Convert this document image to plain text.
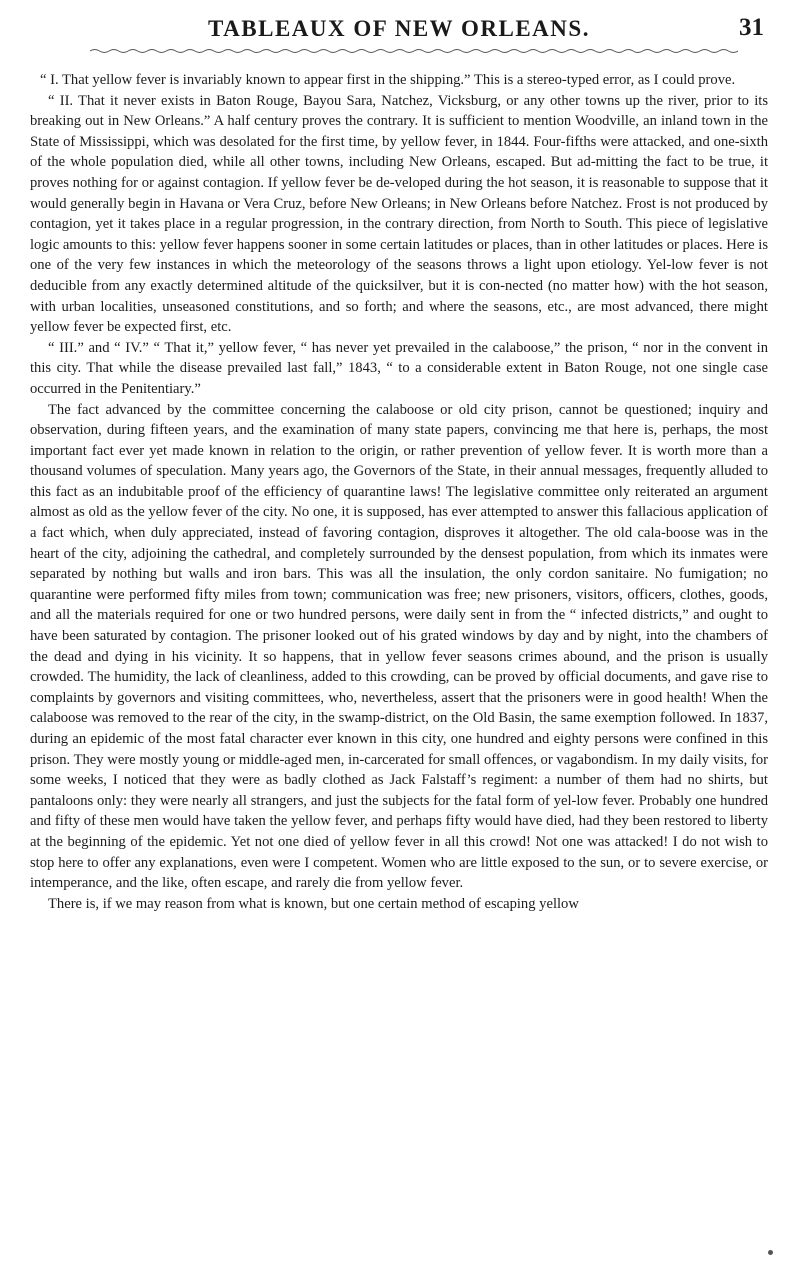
TABLEAUX OF NEW ORLEANS.	31

“ I. That yellow fever is invariably known to appear first in the shipping.” This is a stereo-typed error, as I could prove.

“ II. That it never exists in Baton Rouge, Bayou Sara, Natchez, Vicksburg, or any other towns up the river, prior to its breaking out in New Orleans.” A half century proves the contrary. It is sufficient to mention Woodville, an inland town in the State of Mississippi, which was desolated for the first time, by yellow fever, in 1844. Four-fifths were attacked, and one-sixth of the whole population died, while all other towns, including New Orleans, escaped. But ad-mitting the fact to be true, it proves nothing for or against contagion. If yellow fever be de-veloped during the hot season, it is reasonable to suppose that it would generally begin in Havana or Vera Cruz, before New Orleans; in New Orleans before Natchez. Frost is not produced by contagion, yet it takes place in a regular progression, in the contrary direction, from North to South. This piece of legislative logic amounts to this: yellow fever happens sooner in some certain latitudes or places, than in other latitudes or places. Here is one of the very few instances in which the meteorology of the seasons throws a light upon etiology. Yel-low fever is not deducible from any exactly determined altitude of the quicksilver, but it is con-nected (no matter how) with the hot season, with urban localities, unseasoned constitutions, and so forth; and where the seasons, etc., are most advanced, there might yellow fever be expected first, etc.

“ III.” and “ IV.” “ That it,” yellow fever, “ has never yet prevailed in the calaboose,” the prison, “ nor in the convent in this city. That while the disease prevailed last fall,” 1843, “ to a considerable extent in Baton Rouge, not one single case occurred in the Penitentiary.”

The fact advanced by the committee concerning the calaboose or old city prison, cannot be questioned; inquiry and observation, during fifteen years, and the examination of many state papers, convincing me that here is, perhaps, the most important fact ever yet made known in relation to the origin, or rather prevention of yellow fever. It is worth more than a thousand volumes of speculation. Many years ago, the Governors of the State, in their annual messages, frequently alluded to this fact as an indubitable proof of the efficiency of quarantine laws! The legislative committee only reiterated an argument almost as old as the yellow fever of the city. No one, it is supposed, has ever attempted to answer this fallacious application of a fact which, when duly appreciated, instead of favoring contagion, disproves it altogether. The old cala-boose was in the heart of the city, adjoining the cathedral, and completely surrounded by the densest population, from which its inmates were separated by nothing but walls and iron bars. This was all the insulation, the only cordon sanitaire. No fumigation; no quarantine were performed fifty miles from town; communication was free; new prisoners, visitors, officers, clothes, goods, and all the materials required for one or two hundred persons, were daily sent in from the “ infected districts,” and ought to have been saturated by contagion. The prisoner looked out of his grated windows by day and by night, into the chambers of the dead and dying in his vicinity. It so happens, that in yellow fever seasons crimes abound, and the prison is usually crowded. The humidity, the lack of cleanliness, added to this crowding, can be proved by official documents, and gave rise to complaints by governors and visiting committees, who, nevertheless, assert that the prisoners were in good health! When the calaboose was removed to the rear of the city, in the swamp-district, on the Old Basin, the same exemption followed. In 1837, during an epidemic of the most fatal character ever known in this city, one hundred and eighty persons were confined in this prison. They were mostly young or middle-aged men, in-carcerated for small offences, or vagabondism. In my daily visits, for some weeks, I noticed that they were as badly clothed as Jack Falstaff’s regiment: a number of them had no shirts, but pantaloons only: they were nearly all strangers, and just the subjects for the fatal form of yel-low fever. Probably one hundred and fifty of these men would have taken the yellow fever, and perhaps fifty would have died, had they been restored to liberty at the beginning of the epidemic. Yet not one died of yellow fever in all this crowd! Not one was attacked! I do not wish to stop here to offer any explanations, even were I competent. Women who are little exposed to the sun, or to severe exercise, or intemperance, and the like, often escape, and rarely die from yellow fever.

There is, if we may reason from what is known, but one certain method of escaping yellow
